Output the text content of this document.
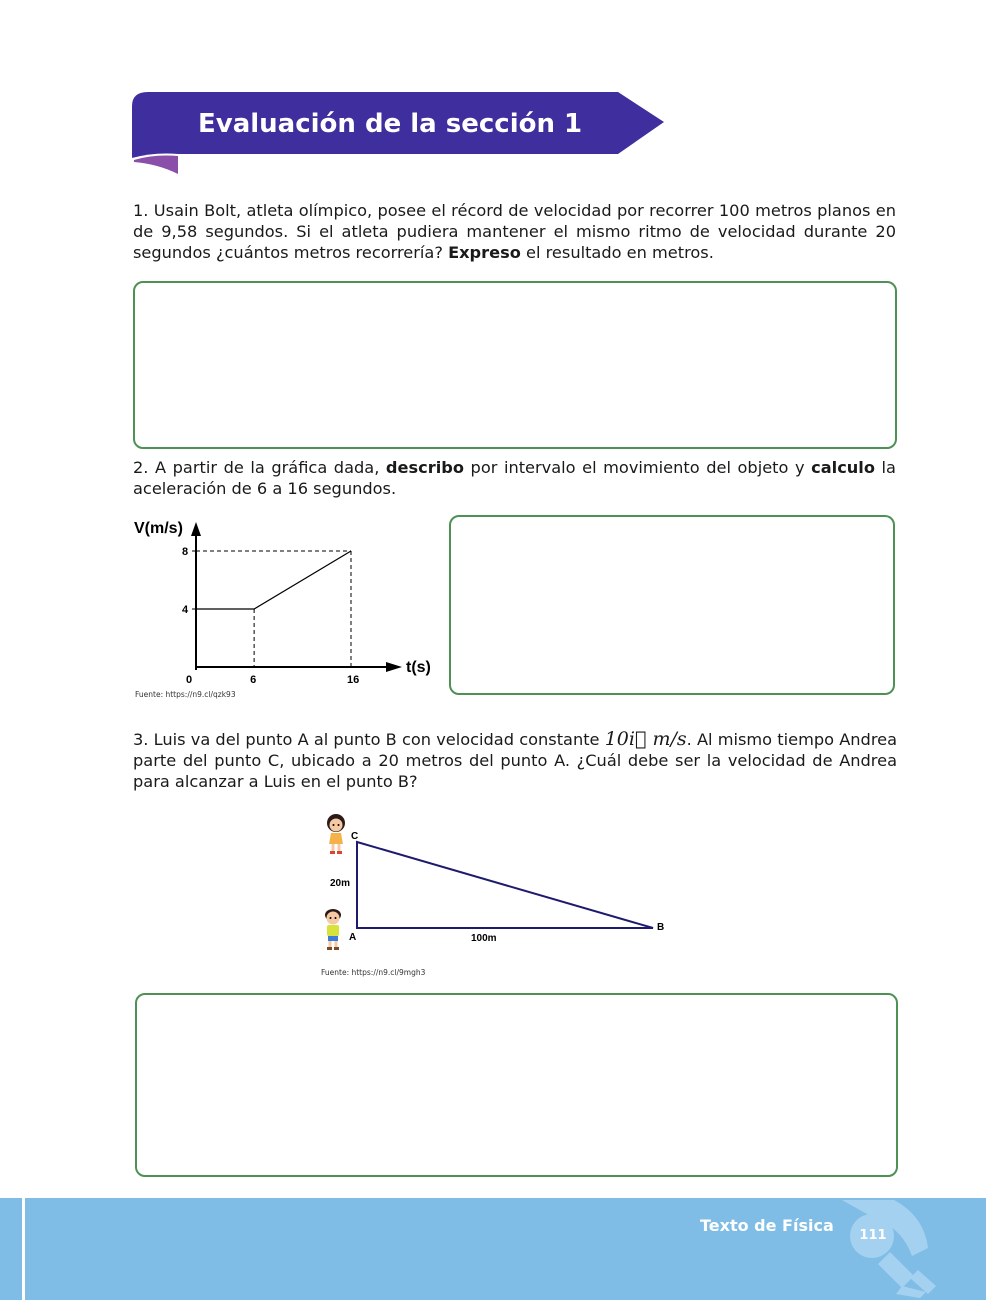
Evaluación de la sección 1

1. Usain Bolt, atleta olímpico, posee el récord de velocidad por recorrer 100 metros planos en de 9,58 segundos. Si el atleta pudiera mantener el mismo ritmo de velocidad durante 20 segundos ¿cuántos metros recorrería? Expreso el resultado en metros.

2. A partir de la gráfica dada, describo por intervalo el movimiento del objeto y calculo la aceleración de 6 a 16 segundos.

V(m/s)
t(s)
4
8
0	6	16
Fuente: https://n9.cl/qzk93

3. Luis va del punto A al punto B con velocidad constante 10i⃗ m/s. Al mismo tiempo Andrea parte del punto C, ubicado a 20 metros del punto A. ¿Cuál debe ser la velocidad de Andrea para alcanzar a Luis en el punto B?

C
A
B
20m
100m
Fuente: https://n9.cl/9mgh3
Texto de Física
111
